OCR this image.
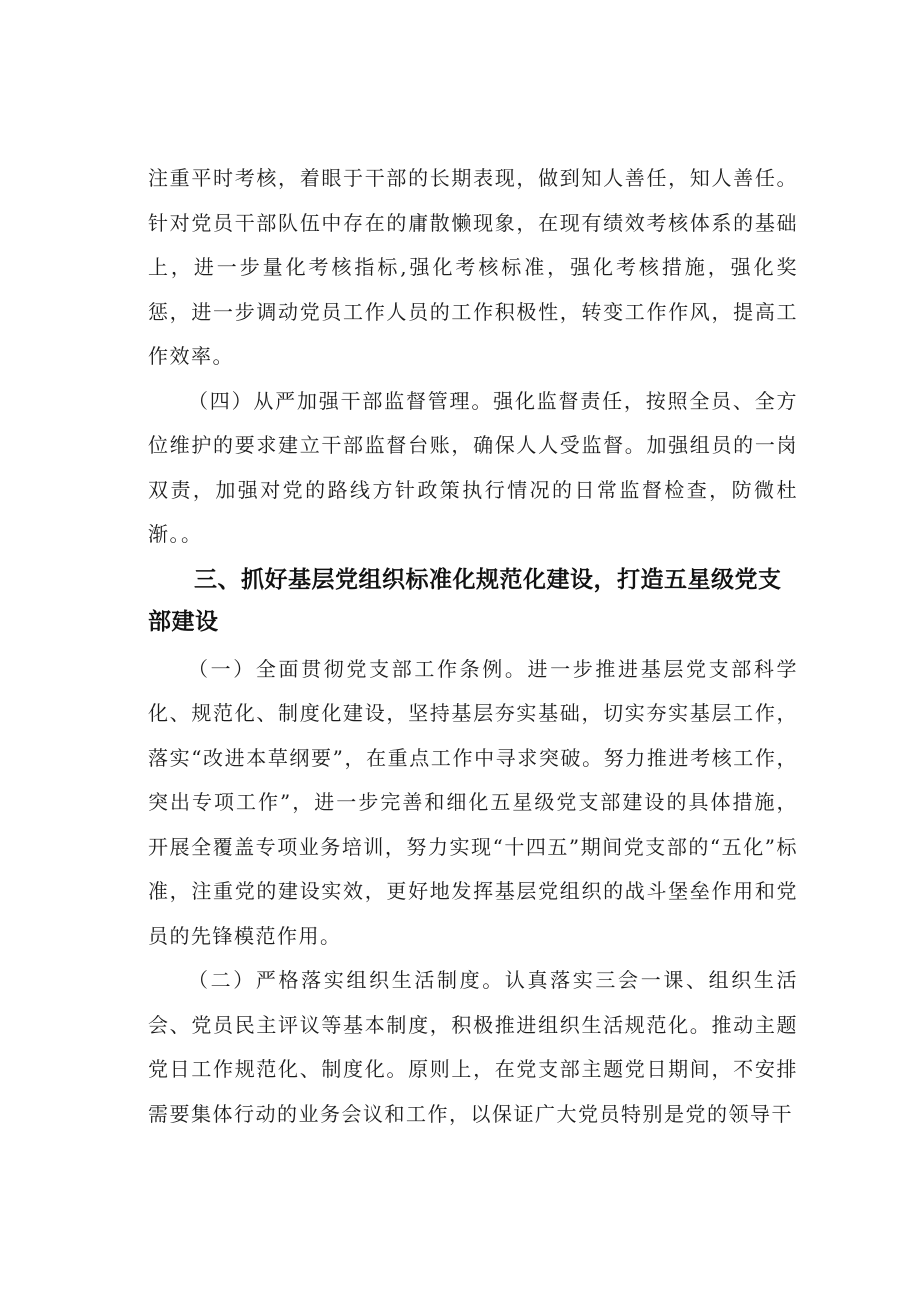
注重平时考核，着眼于干部的长期表现，做到知人善任，知人善任。针对党员干部队伍中存在的庸散懒现象，在现有绩效考核体系的基础上，进一步量化考核指标,强化考核标准，强化考核措施，强化奖惩，进一步调动党员工作人员的工作积极性，转变工作作风，提高工作效率。

（四）从严加强干部监督管理。强化监督责任，按照全员、全方位维护的要求建立干部监督台账，确保人人受监督。加强组员的一岗双责，加强对党的路线方针政策执行情况的日常监督检查，防微杜渐。。

三、抓好基层党组织标准化规范化建设，打造五星级党支部建设

（一）全面贯彻党支部工作条例。进一步推进基层党支部科学化、规范化、制度化建设，坚持基层夯实基础，切实夯实基层工作，落实“改进本草纲要”，在重点工作中寻求突破。努力推进考核工作，突出专项工作”，进一步完善和细化五星级党支部建设的具体措施，开展全覆盖专项业务培训，努力实现“十四五”期间党支部的“五化”标准，注重党的建设实效，更好地发挥基层党组织的战斗堡垒作用和党员的先锋模范作用。

（二）严格落实组织生活制度。认真落实三会一课、组织生活会、党员民主评议等基本制度，积极推进组织生活规范化。推动主题党日工作规范化、制度化。原则上，在党支部主题党日期间，不安排需要集体行动的业务会议和工作，以保证广大党员特别是党的领导干
